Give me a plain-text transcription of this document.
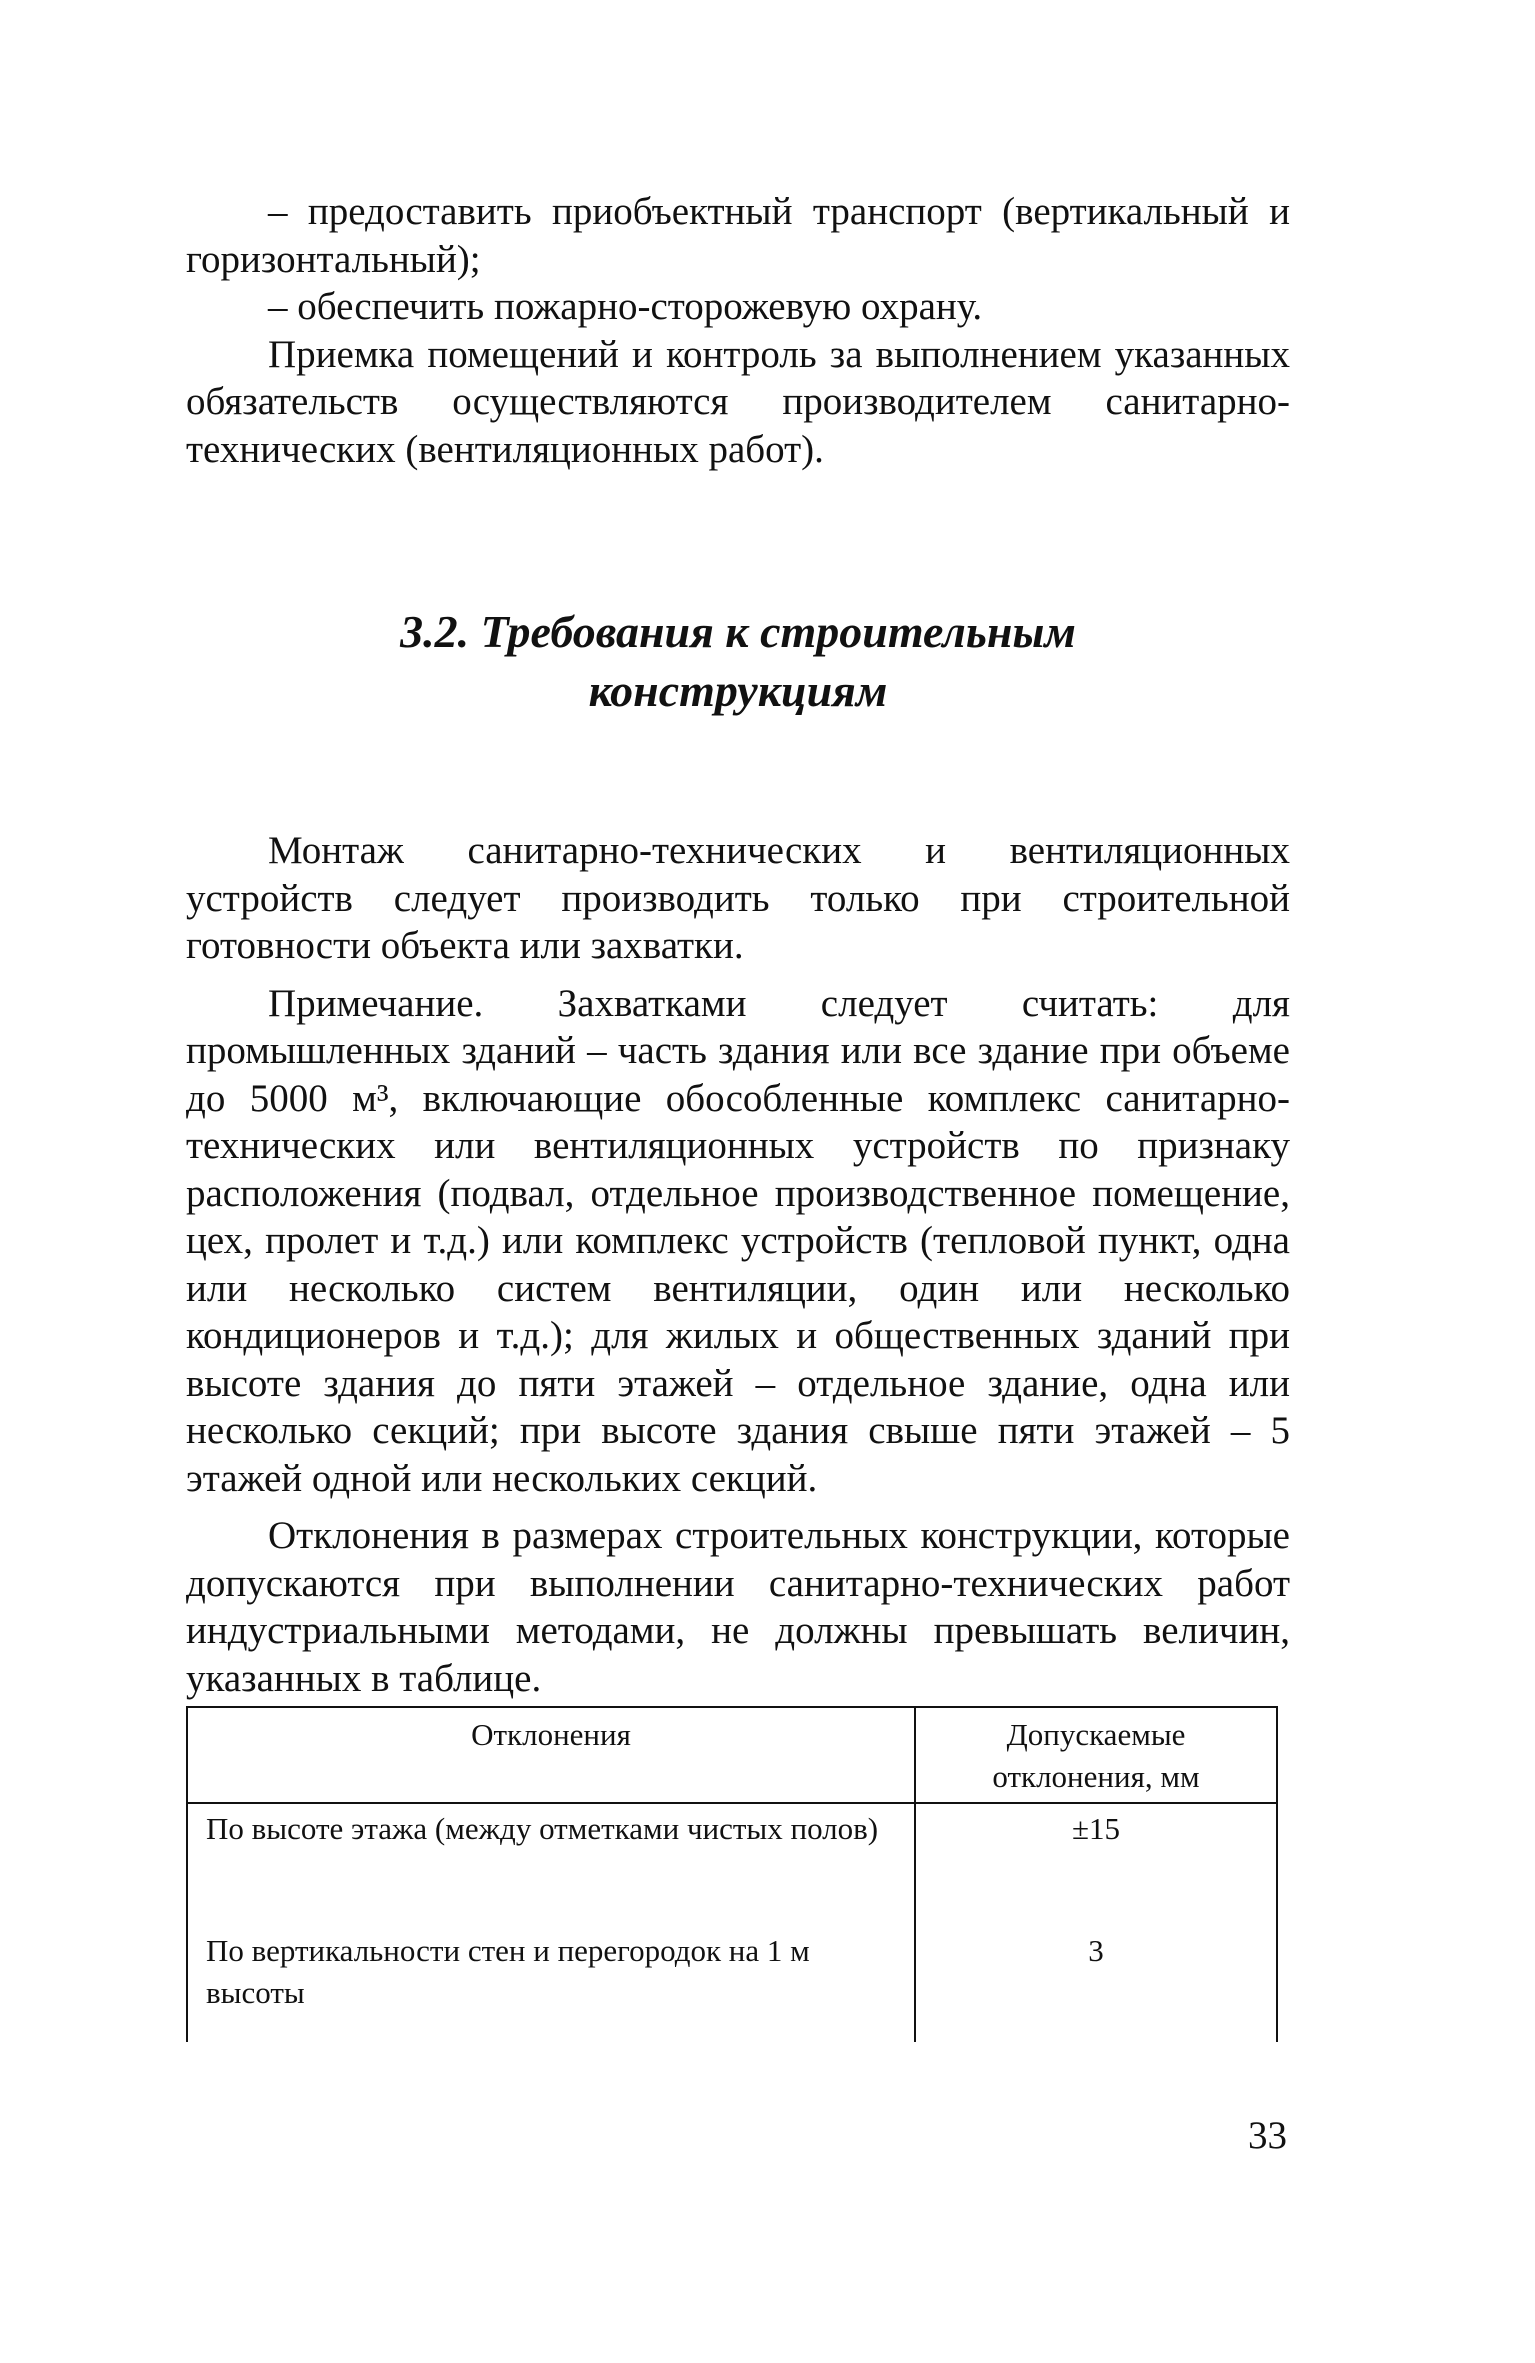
– предоставить приобъектный транспорт (вертикальный и горизонтальный);

– обеспечить пожарно-сторожевую охрану.

Приемка помещений и контроль за выполнением указанных обязательств осуществляются производителем санитарно-технических (вентиляционных работ).

3.2. Требования к строительным
конструкциям

Монтаж санитарно-технических и вентиляционных устройств следует производить только при строительной готовности объекта или захватки.

Примечание. Захватками следует считать: для промышленных зданий – часть здания или все здание при объеме до 5000 м³, включающие обособленные комплекс санитарно-технических или вентиляционных устройств по признаку расположения (подвал, отдельное производственное помещение, цех, пролет и т.д.) или комплекс устройств (тепловой пункт, одна или несколько систем вентиляции, один или несколько кондиционеров и т.д.); для жилых и общественных зданий при высоте здания до пяти этажей – отдельное здание, одна или несколько секций; при высоте здания свыше пяти этажей – 5 этажей одной или нескольких секций.

Отклонения в размерах строительных конструкции, которые допускаются при выполнении санитарно-технических работ индустриальными методами, не должны превышать величин, указанных в таблице.

Отклонения	Допускаемые отклонения, мм
По высоте этажа (между отметками чистых полов)	±15
По вертикальности стен и перегородок на 1 м высоты	3
33
